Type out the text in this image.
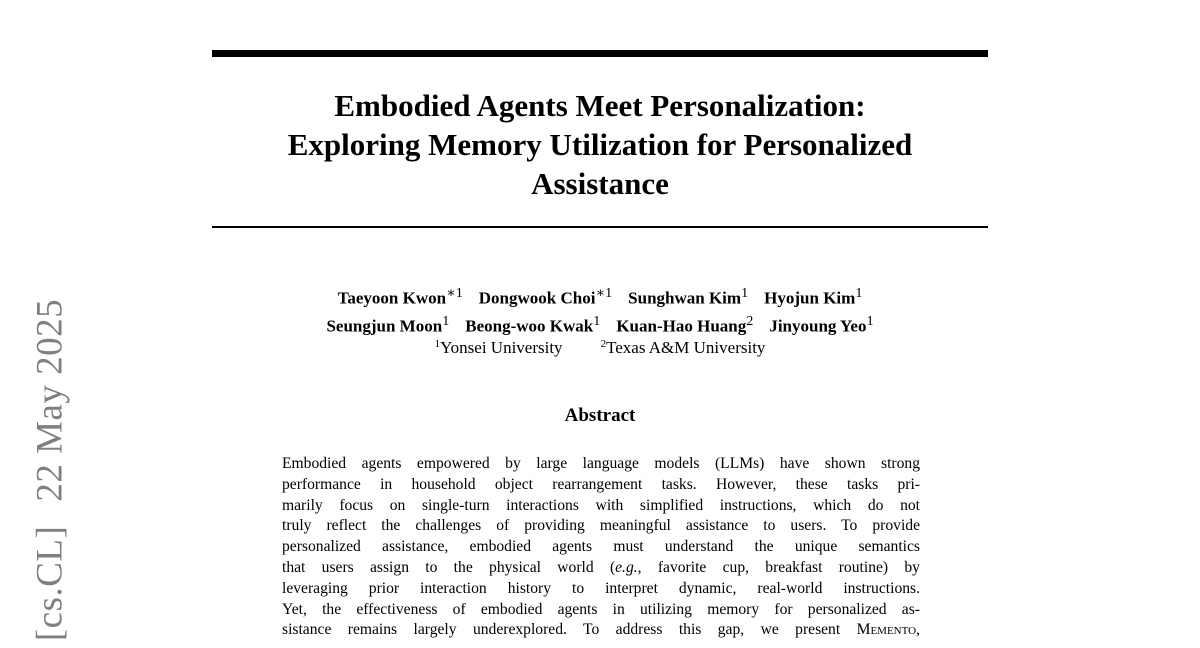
[cs.CL]22 May 2025
Embodied Agents Meet Personalization:
Exploring Memory Utilization for Personalized
Assistance
Taeyoon Kwon$^{∗1}$ Dongwook Choi$^{∗1}$ Sunghwan Kim$^1$ Hyojun Kim$^1$
Seungjun Moon$^1$ Beong-woo Kwak$^1$ Kuan-Hao Huang$^2$ Jinyoung Yeo$^1$
$^1$Yonsei University	$^2$Texas A&M University
Abstract
Embodied agents empowered by large language models (LLMs) have shown strong
performance in household object rearrangement tasks. However, these tasks pri-
marily focus on single-turn interactions with simplified instructions, which do not
truly reflect the challenges of providing meaningful assistance to users. To provide
personalized assistance, embodied agents must understand the unique semantics
that users assign to the physical world (e.g., favorite cup, breakfast routine) by
leveraging prior interaction history to interpret dynamic, real-world instructions.
Yet, the effectiveness of embodied agents in utilizing memory for personalized as-
sistance remains largely underexplored. To address this gap, we present Memento,
